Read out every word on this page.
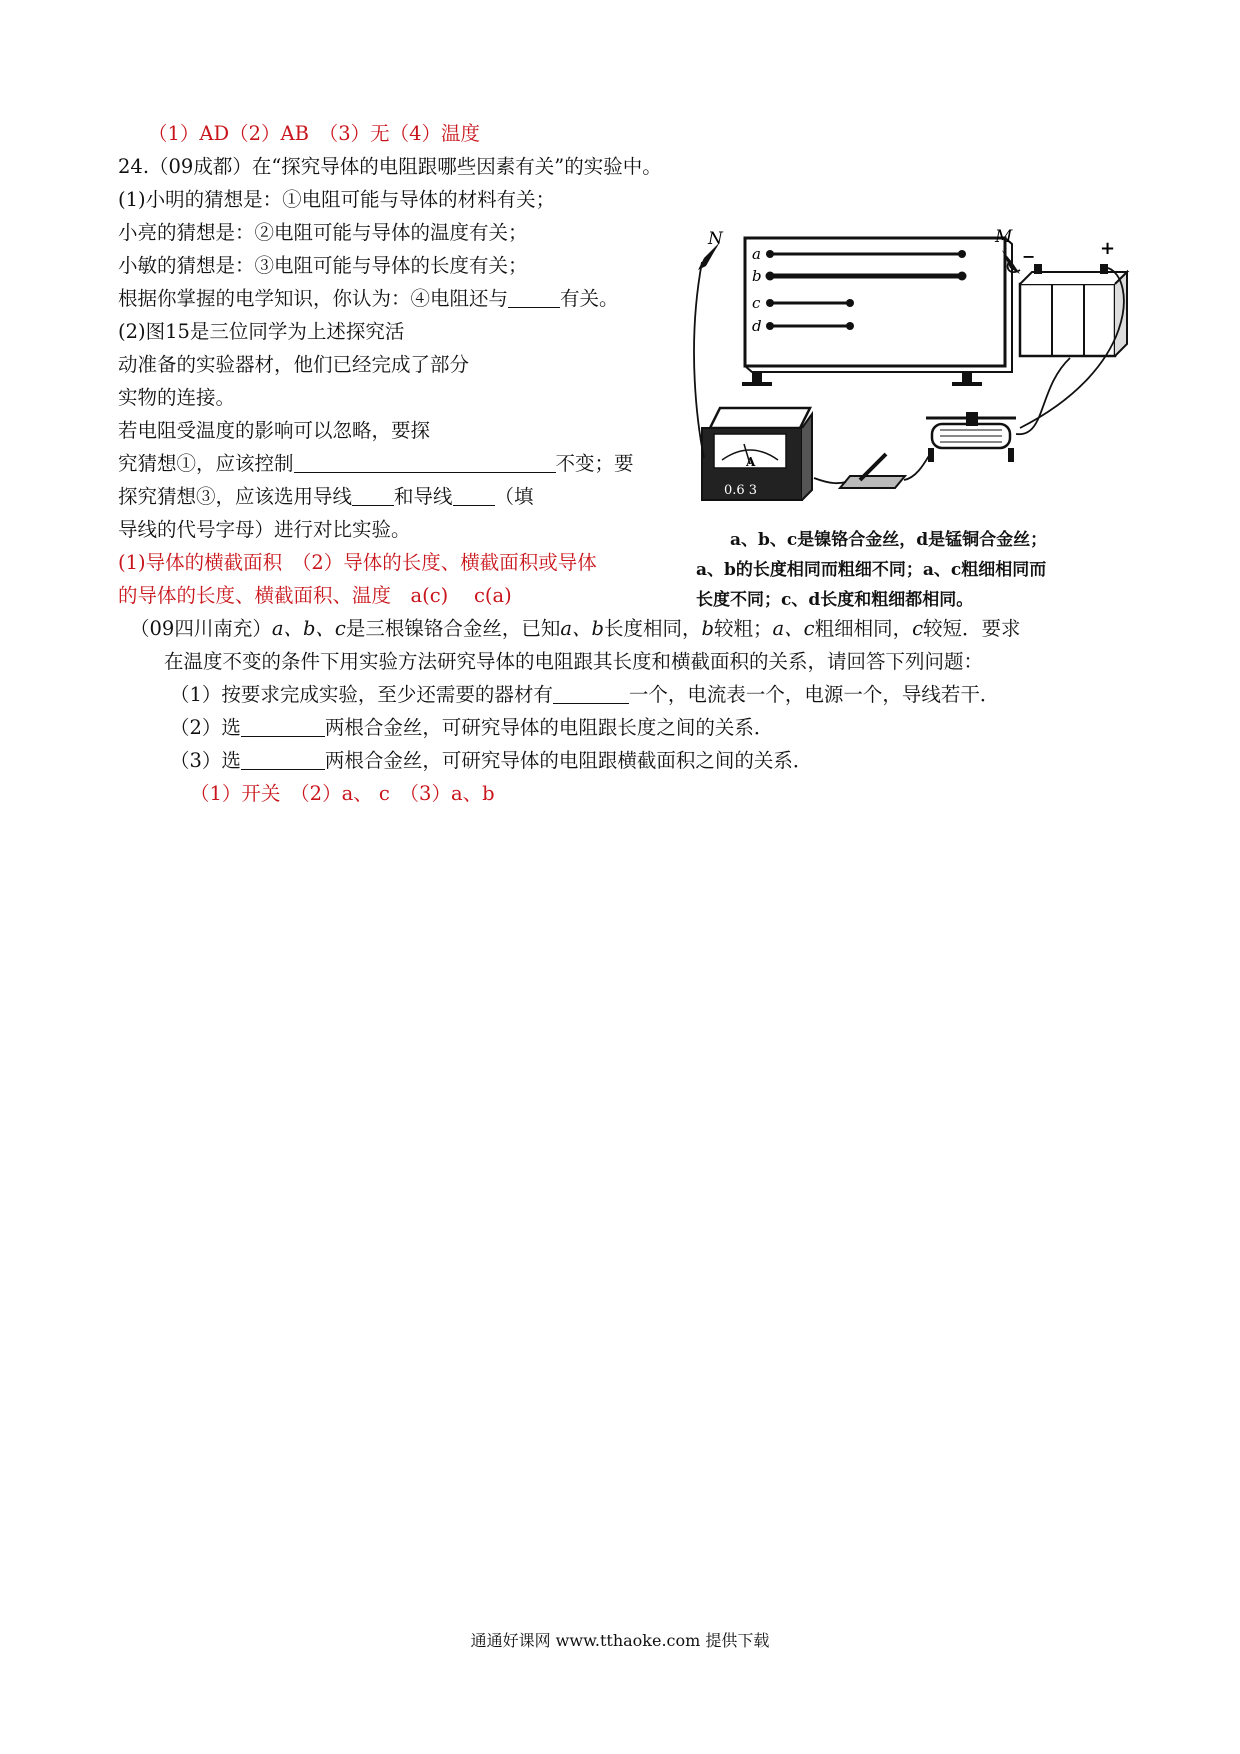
（1）AD（2）AB　（3）无（4）温度
24.（09成都）在“探究导体的电阻跟哪些因素有关”的实验中。
(1)小明的猜想是：①电阻可能与导体的材料有关；
小亮的猜想是：②电阻可能与导体的温度有关；
小敏的猜想是：③电阻可能与导体的长度有关；
根据你掌握的电学知识，你认为：④电阻还与	有关。
(2)图15是三位同学为上述探究活
动准备的实验器材，他们已经完成了部分
实物的连接。
若电阻受温度的影响可以忽略，要探
究猜想①，应该控制	不变；要
探究猜想③，应该选用导线 和导线 （填
导线的代号字母）进行对比实验。
(1)导体的横截面积　（2）导体的长度、横截面积或导体
的导体的长度、横截面积、温度　a(c)　 c(a)
a
b
c
d
N	M
+
−
A
0.6 3
a、b、c是镍铬合金丝，d是锰铜合金丝；
a、b的长度相同而粗细不同；a、c粗细相同而
长度不同；c、d长度和粗细都相同。
（09四川南充）a、b、c是三根镍铬合金丝，已知a、b长度相同，b较粗；a、c粗细相同，c较短．要求
在温度不变的条件下用实验方法研究导体的电阻跟其长度和横截面积的关系，请回答下列问题：
（1）按要求完成实验，至少还需要的器材有	一个，电流表一个，电源一个，导线若干．
（2）选	两根合金丝，可研究导体的电阻跟长度之间的关系．
（3）选	两根合金丝，可研究导体的电阻跟横截面积之间的关系．
（1）开关　（2）a、 c　（3）a、b
通通好课网 www.tthaoke.com 提供下载
